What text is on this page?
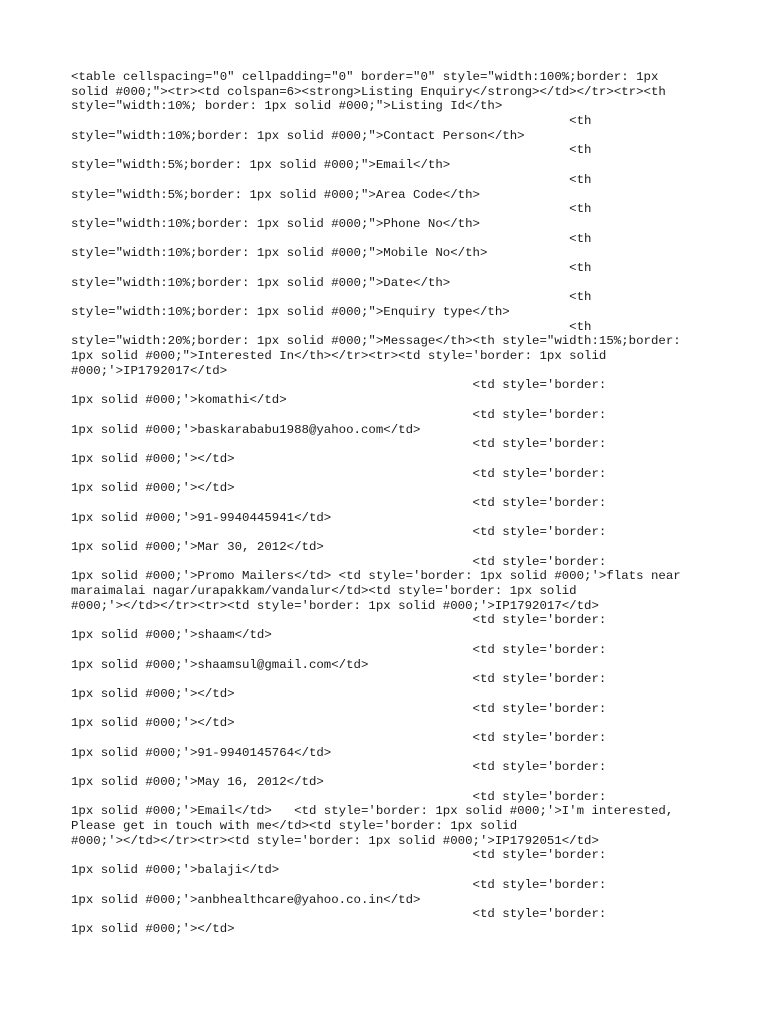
<table cellspacing="0" cellpadding="0" border="0" style="width:100%;border: 1px
solid #000;"><tr><td colspan=6><strong>Listing Enquiry</strong></td></tr><tr><th
style="width:10%; border: 1px solid #000;">Listing Id</th>
<th
style="width:10%;border: 1px solid #000;">Contact Person</th>
<th
style="width:5%;border: 1px solid #000;">Email</th>
<th
style="width:5%;border: 1px solid #000;">Area Code</th>
<th
style="width:10%;border: 1px solid #000;">Phone No</th>
<th
style="width:10%;border: 1px solid #000;">Mobile No</th>
<th
style="width:10%;border: 1px solid #000;">Date</th>
<th
style="width:10%;border: 1px solid #000;">Enquiry type</th>
<th
style="width:20%;border: 1px solid #000;">Message</th><th style="width:15%;border:
1px solid #000;">Interested In</th></tr><tr><td style='border: 1px solid
#000;'>IP1792017</td>
<td style='border:
1px solid #000;'>komathi</td>
<td style='border:
1px solid #000;'>baskarababu1988@yahoo.com</td>
<td style='border:
1px solid #000;'></td>
<td style='border:
1px solid #000;'></td>
<td style='border:
1px solid #000;'>91-9940445941</td>
<td style='border:
1px solid #000;'>Mar 30, 2012</td>
<td style='border:
1px solid #000;'>Promo Mailers</td> <td style='border: 1px solid #000;'>flats near
maraimalai nagar/urapakkam/vandalur</td><td style='border: 1px solid
#000;'></td></tr><tr><td style='border: 1px solid #000;'>IP1792017</td>
<td style='border:
1px solid #000;'>shaam</td>
<td style='border:
1px solid #000;'>shaamsul@gmail.com</td>
<td style='border:
1px solid #000;'></td>
<td style='border:
1px solid #000;'></td>
<td style='border:
1px solid #000;'>91-9940145764</td>
<td style='border:
1px solid #000;'>May 16, 2012</td>
<td style='border:
1px solid #000;'>Email</td>   <td style='border: 1px solid #000;'>I'm interested,
Please get in touch with me</td><td style='border: 1px solid
#000;'></td></tr><tr><td style='border: 1px solid #000;'>IP1792051</td>
<td style='border:
1px solid #000;'>balaji</td>
<td style='border:
1px solid #000;'>anbhealthcare@yahoo.co.in</td>
<td style='border:
1px solid #000;'></td>
